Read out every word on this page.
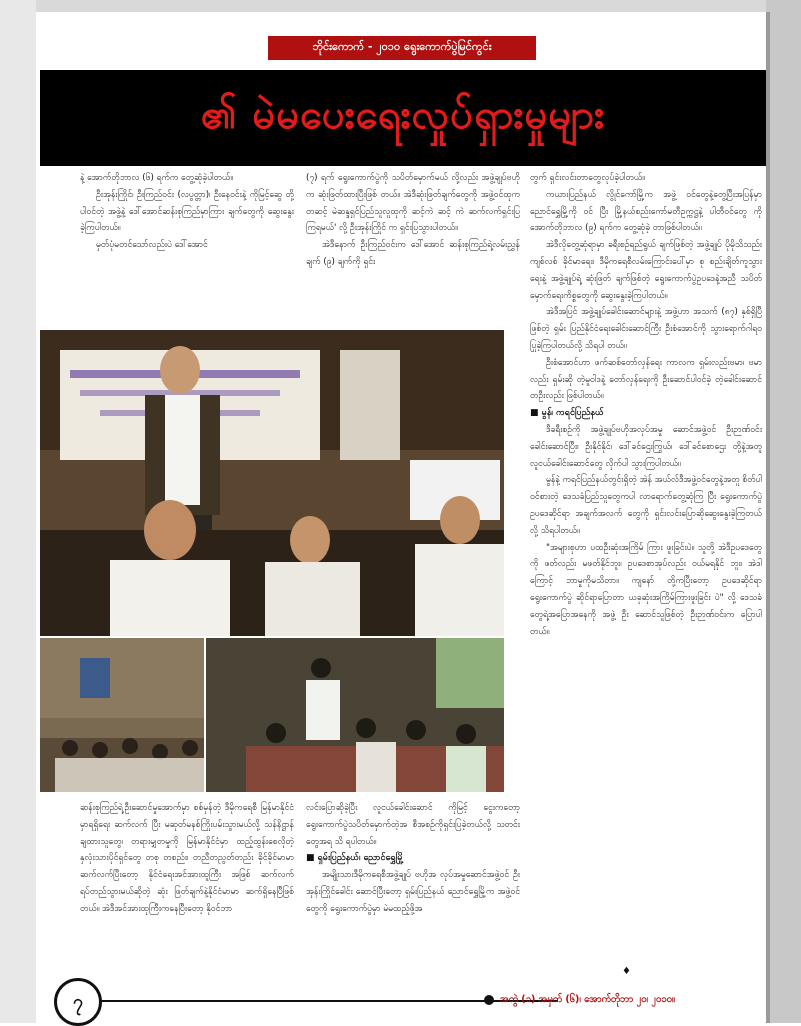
ဘိုင်းကောက် - ၂၀၁၀ ရွေးကောက်ပွဲမြင်ကွင်း
၏ မဲမပေးရေးလှုပ်ရှားမှုများ

နဲ့ အောက်တိုဘာလ (၆) ရက်က တွေ့ဆုံခဲ့ပါတယ်။

ဦးအုန်းကြိုင်၊ ဦးကြည်ဝင်း (လပွတ္တာ)၊ ဦးနေဝင်းနဲ့ ကိုမြင့်ဆွေ တို့ ပါဝင်တဲ့ အဖွဲ့နဲ့ ဒေါ်အောင်ဆန်းစုကြည်မှာကြား ချက်တွေကို ဆွေးနွေးခဲ့ကြပါတယ်။

မှတ်ပုံမတင်သော်လည်းပဲ ဒေါ်အောင်

(၇) ရက် ရွေးကောက်ပွဲကို သပိတ်မှောက်မယ် လို့လည်း အဖွဲ့ချုပ်ဗဟိုက ဆုံးဖြတ်ထားပြီးဖြစ် တယ်။ အဲဒီဆုံးဖြတ်ချက်တွေကို အဖွဲ့ဝင်ထုက တဆင့် မဲဆန္ဒရှင်ပြည်သူလူထုကို ဆင့်ကဲ ဆင့် ကဲ ဆက်လက်ရှင်းပြကြရမယ်' လို့ ဦးအုန်းကြိုင် က ရှင်းပြသွားပါတယ်။

အဲဒီနောက် ဦးကြည်ဝင်းက ဒေါ်အောင် ဆန်းစုကြည်ရဲ့လမ်းညွှန်ချက် (၉) ချက်ကို ရှင်း

တွက် ရှင်းလင်းတာတွေလုပ်ခဲ့ပါတယ်။

ကယားပြည်နယ် လွိုင်ကော်မြို့က အဖွဲ့ ဝင်တွေနဲ့တွေ့ပြီးအပြန်မှာ ညောင်ရွှေမြို့ကို ဝင် ပြီး မြို့နယ်စည်းကော်မတီဥက္ကဋ္ဌနဲ့ ပါတီဝင်တွေ ကို အောက်တိုဘာလ (၉) ရက်က တွေ့ဆုံခဲ့ တာဖြစ်ပါတယ်။

အဲဒီလိုတွေ့ဆုံရာမှာ ခရီးစဉ်ရည်ရွယ် ချက်ဖြစ်တဲ့ အဖွဲ့ချုပ် ပိုမိုသိသည်းကျစ်လစ် ခိုင်မာရေး၊ ဒီမိုကရေစီလမ်းကြောင်းပေါ်မှာ စု စည်းချိတ်ကူသွားရေးနဲ့ အဖွဲ့ချုပ်ရဲ့ ဆုံးဖြတ် ချက်ဖြစ်တဲ့ ရွေးကောက်ပွဲဥပဒေနဲ့အညီ သပိတ် မှောက်ရေးကိစ္စတွေကို ဆွေးနွေးခဲ့ကြပါတယ်။

အဲဒီအပြင် အဖွဲ့ချုပ်ခေါင်းဆောင်များနဲ့ အဖွဲ့ဟာ အသက် (၈၇) နှစ်ရှိပြီဖြစ်တဲ့ ရှမ်း ပြည်နိုင်ငံရေးခေါင်းဆောင်ကြီး ဦးစံအောင်ကို သွားရောက်ဂါရဝပြုခဲ့ကြပါတယ်လို့ သိရပါ တယ်။

ဦးစံအောင်ဟာ ဖက်ဆစ်တော်လှန်ရေး ကာလက ရှမ်းလည်းဗမာ၊ ဗမာလည်း ရှမ်းဆို တဲ့မူဝါဒနဲ့ တော်လှန်ရေးကို ဦးဆောင်ပါဝင်ခဲ့ တဲ့ခေါင်းဆောင်တဦးလည်း ဖြစ်ပါတယ်။

■ မွန်၊ ကရင်ပြည်နယ်

ဒီခရီးစဉ်ကို အဖွဲ့ချုပ်ဗဟိုအလုပ်အမှု ဆောင်အဖွဲ့ဝင် ဦးဉာဏ်ဝင်းခေါင်းဆောင်ပြီး၊ ဦးနိုင်နိုင်၊ ဒေါ်ခင်ဌေးကြွယ်၊ ဒေါ်ခင်စောဌေး တို့နဲ့အတူ လူငယ်ခေါင်းဆောင်တွေ လိုက်ပါ သွားကြပါတယ်။

မွန်နဲ့ ကရင်ပြည်နယ်တွင်းရှိတဲ့ အဲန် အယ်လ်ဒီအဖွဲ့ဝင်တွေနဲ့အတူ စိတ်ပါဝင်စားတဲ့ ဒေသခံပြည်သူတွေကပါ လာရောက်တွေ့ဆုံကြ ပြီး ရွေးကောက်ပွဲဥပဒေဆိုင်ရာ အချက်အလက် တွေကို ရှင်းလင်းပြောဆိုဆွေးနွေးခဲ့ကြတယ်လို့ သိရပါတယ်။

"အများစုဟာ ပထဦးဆုံးအကြိမ် ကြား ဖူးခြင်းပဲ။ သူတို့ အဲဒီဥပဒေတွေကို ဖတ်လည်း မဖတ်နိုင်ဘူး၊ ဥပဒေစာအုပ်လည်း ဝယ်မရနိုင် ဘူး၊ အဲဒါကြောင့် ဘာမှုကိုမသိတာ။ ကျနော် တို့ကပြီးတော့ ဥပဒေဆိုင်ရာ ရွေးကောက်ပွဲ ဆိုင်ရာပြောတာ ယခုဆုံးအကြိမ်ကြားဖူးခြင်း ပဲ" လို့ ဒေသခံတွေရဲ့အပြောအနေကို အဖွဲ့ ဦး ဆောင်သူဖြစ်တဲ့ ဦးဉာဏ်ဝင်းက ပြောပါတယ်။

ဆန်းစုကြည်ရဲ့ဦးဆောင်မှုအောက်မှာ စစ်မှန်တဲ့ ဒီမိုကရေစီ မြန်မာနိုင်ငံမှာရရှိရေး ဆက်လက် ပြီး မဆုတ်မနစ်ကြိုးပမ်းသွားမယ်လို့ သန်နိဋ္ဌာန် ချထားသူတွေ၊ တရားမျှတမှုကို မြန်မာနိုင်ငံမှာ ထည့်ထွန်းစေလိုတဲ့ နှလုံးသားပိုင်ရှင်တွေ တစု တစည်း၊ တညီတညွတ်တည်း ခိုင်ခိုင်မာမာ ဆက်လက်ပြီးတော့ နိုင်ငံရေးအင်အားထူကြီး အဖြစ် ဆက်လက်ရပ်တည်သွားမယ်ဆိုတဲ့ ဆုံး ဖြတ်ချက်နဲ့နိုင်ငံမာမာ ဆက်ရှိနေပြီဖြစ်တယ်။ အဲဒီအင်အားထုကြီးကနေပြီးတော့ နိုဝင်ဘာ

လင်းပြောဆိုခဲ့ပြီး လူငယ်ခေါင်းဆောင် ကိုမြင့် ငွေးကတော့ ရွေးကောက်ပွဲသပိတ်မှောက်တဲ့အ စီအစဉ်ကိုရှင်းပြခဲ့တယ်လို့ သတင်းတွေအရ သိ ရပါတယ်။

■ ရှမ်းပြည်နယ်၊ ညောင်ရွှေမြို့

အမျိုးသားဒီမိုကရေစီအဖွဲ့ချုပ် ဗဟိုအ လုပ်အမှုဆောင်အဖွဲ့ဝင် ဦးအုန်းကြိုင်ခေါင်း ဆောင်ပြီးတော့ ရှမ်းပြည်နယ် ညောင်ရွှေမြို့က အဖွဲ့ဝင်တွေကို ရွေးကောက်ပွဲမှာ မဲမထည့်ဖို့အ

♦
၇	အတွဲ (၁) အမှတ် (၆)၊ အောက်တိုဘာ ၂၀၊ ၂၀၁၀။
